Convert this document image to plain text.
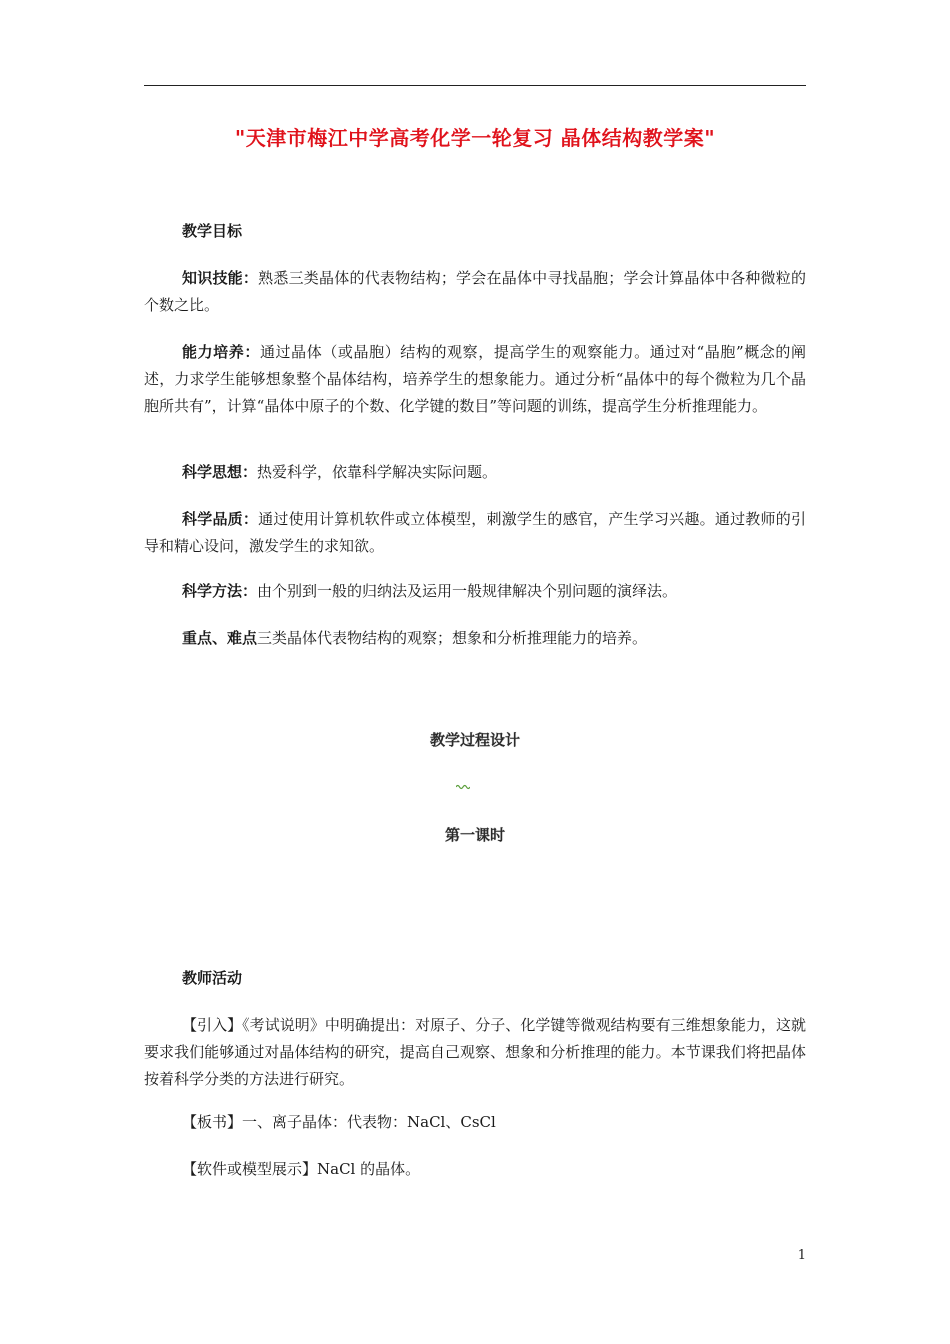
"天津市梅江中学高考化学一轮复习 晶体结构教学案"
教学目标
知识技能：熟悉三类晶体的代表物结构；学会在晶体中寻找晶胞；学会计算晶体中各种微粒的个数之比。
能力培养：通过晶体（或晶胞）结构的观察，提高学生的观察能力。通过对“晶胞”概念的阐述，力求学生能够想象整个晶体结构，培养学生的想象能力。通过分析“晶体中的每个微粒为几个晶胞所共有”，计算“晶体中原子的个数、化学键的数目”等问题的训练，提高学生分析推理能力。
科学思想：热爱科学，依靠科学解决实际问题。
科学品质：通过使用计算机软件或立体模型，刺激学生的感官，产生学习兴趣。通过教师的引导和精心设问，激发学生的求知欲。
科学方法：由个别到一般的归纳法及运用一般规律解决个别问题的演绎法。
重点、难点三类晶体代表物结构的观察；想象和分析推理能力的培养。
教学过程设计
第一课时
教师活动
【引入】《考试说明》中明确提出：对原子、分子、化学键等微观结构要有三维想象能力，这就要求我们能够通过对晶体结构的研究，提高自己观察、想象和分析推理的能力。本节课我们将把晶体按着科学分类的方法进行研究。
【板书】一、离子晶体：代表物：NaCl、CsCl
【软件或模型展示】NaCl 的晶体。
1
